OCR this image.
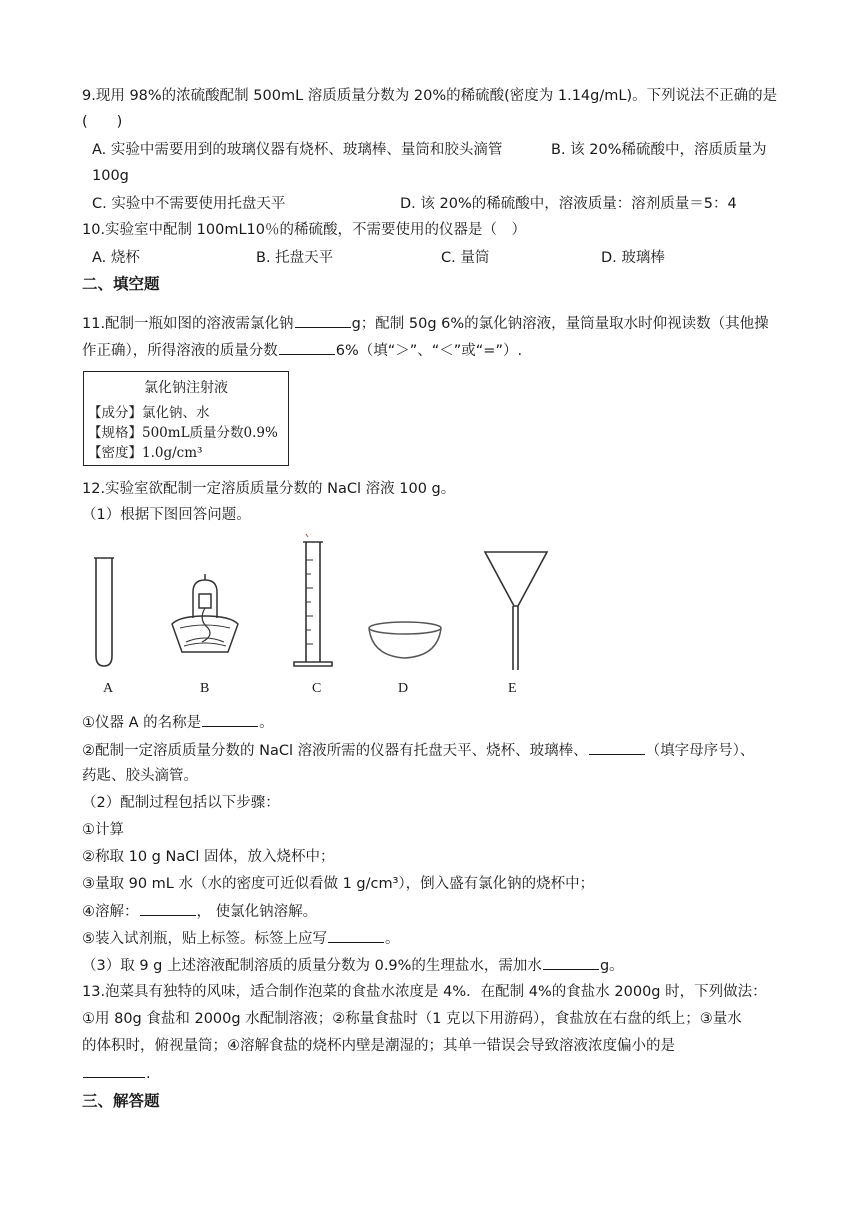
9.现用 98%的浓硫酸配制 500mL 溶质质量分数为 20%的稀硫酸(密度为 1.14g/mL)。下列说法不正确的是
(　　)
A. 实验中需要用到的玻璃仪器有烧杯、玻璃棒、量筒和胶头滴管	B. 该 20%稀硫酸中，溶质质量为
100g
C. 实验中不需要使用托盘天平	D. 该 20%的稀硫酸中，溶液质量：溶剂质量＝5：4
10.实验室中配制 100mL10％的稀硫酸，不需要使用的仪器是（　）
A. 烧杯	B. 托盘天平	C. 量筒	D. 玻璃棒
二、填空题
11.配制一瓶如图的溶液需氯化钠	g；配制 50g 6%的氯化钠溶液，量筒量取水时仰视读数（其他操
作正确），所得溶液的质量分数	6%（填“＞”、“＜”或“=”）.
氯化钠注射液
【成分】氯化钠、水
【规格】500mL质量分数0.9%
【密度】1.0g/cm³
12.实验室欲配制一定溶质质量分数的 NaCl 溶液 100 g。
（1）根据下图回答问题。
A	B	C	D	E
①仪器 A 的名称是	。
②配制一定溶质质量分数的 NaCl 溶液所需的仪器有托盘天平、烧杯、玻璃棒、	（填字母序号）、
药匙、胶头滴管。
（2）配制过程包括以下步骤：
①计算
②称取 10 g NaCl 固体，放入烧杯中；
③量取 90 mL 水（水的密度可近似看做 1 g/cm³），倒入盛有氯化钠的烧杯中；
④溶解：	， 使氯化钠溶解。
⑤装入试剂瓶，贴上标签。标签上应写	。
（3）取 9 g 上述溶液配制溶质的质量分数为 0.9%的生理盐水，需加水	g。
13.泡菜具有独特的风味，适合制作泡菜的食盐水浓度是 4%．在配制 4%的食盐水 2000g 时，下列做法：
①用 80g 食盐和 2000g 水配制溶液；②称量食盐时（1 克以下用游码），食盐放在右盘的纸上；③量水
的体积时，俯视量筒；④溶解食盐的烧杯内壁是潮湿的；其单一错误会导致溶液浓度偏小的是
.
三、解答题
